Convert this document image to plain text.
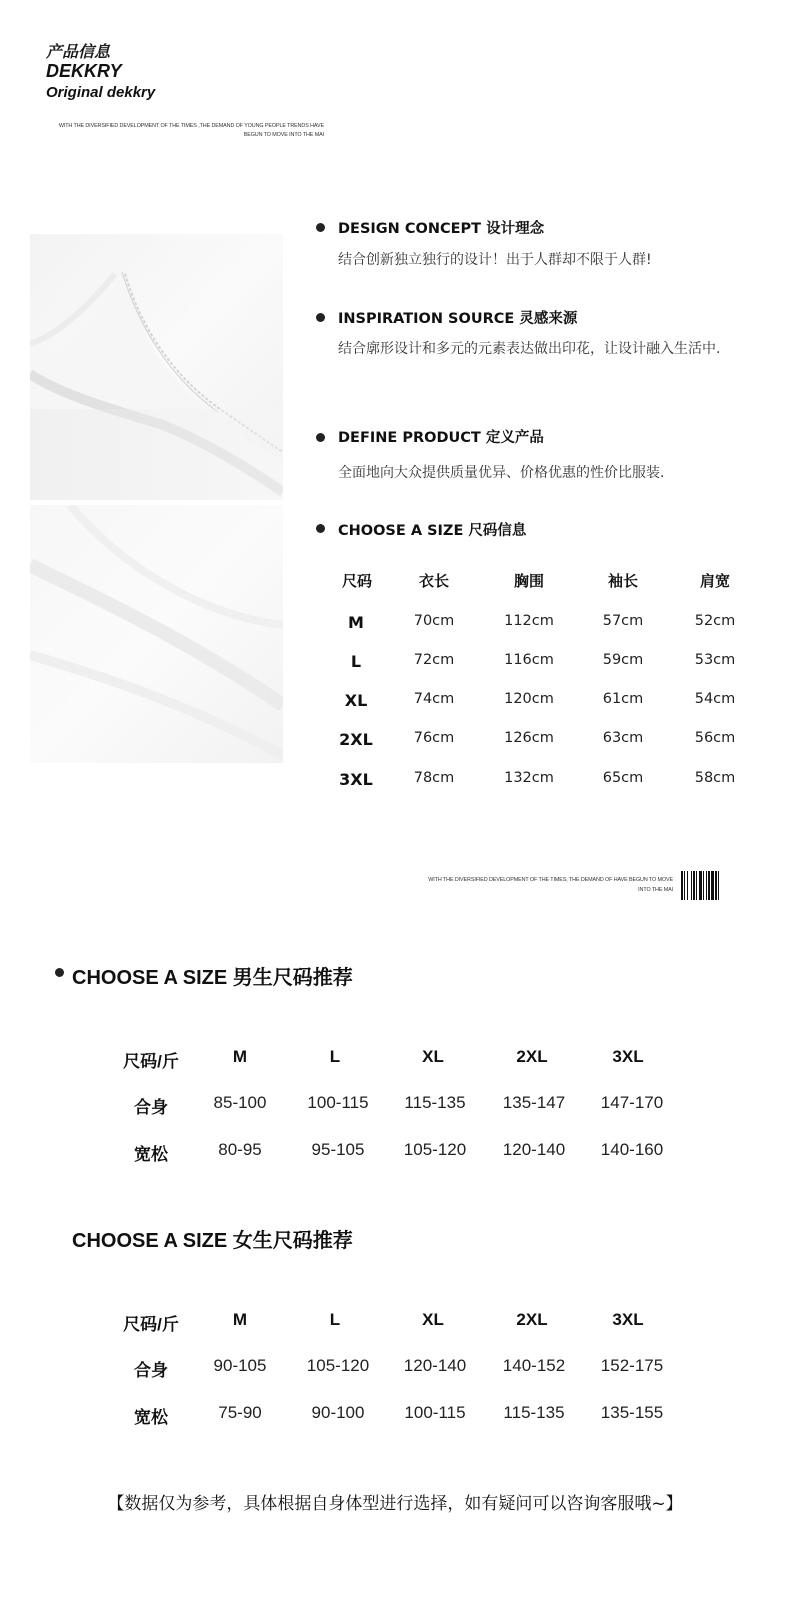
产品信息
DEKKRY
Original dekkry
WITH THE DIVERSIFIED DEVELOPMENT OF THE TIMES ,THE DEMAND OF YOUNG PEOPLE TRENDS HAVE BEGUN TO MOVE INTO THE MAI
DESIGN CONCEPT 设计理念
结合创新独立独行的设计！出于人群却不限于人群!
INSPIRATION SOURCE 灵感来源
结合廓形设计和多元的元素表达做出印花，让设计融入生活中.
DEFINE PRODUCT 定义产品
全面地向大众提供质量优异、价格优惠的性价比服装.
CHOOSE A SIZE 尺码信息
尺码	衣长	胸围	袖长	肩宽
M	70cm	112cm	57cm	52cm
L	72cm	116cm	59cm	53cm
XL	74cm	120cm	61cm	54cm
2XL	76cm	126cm	63cm	56cm
3XL	78cm	132cm	65cm	58cm
WITH THE DIVERSIFIED DEVELOPMENT OF THE TIMES, THE DEMAND OF HAVE BEGUN TO MOVE INTO THE MAI
CHOOSE A SIZE 男生尺码推荐
尺码/斤	M	L	XL	2XL	3XL
合身	85-100	100-115	115-135	135-147	147-170
宽松	80-95	95-105	105-120	120-140	140-160
CHOOSE A SIZE 女生尺码推荐
尺码/斤	M	L	XL	2XL	3XL
合身	90-105	105-120	120-140	140-152	152-175
宽松	75-90	90-100	100-115	115-135	135-155
【数据仅为参考，具体根据自身体型进行选择，如有疑问可以咨询客服哦~】
